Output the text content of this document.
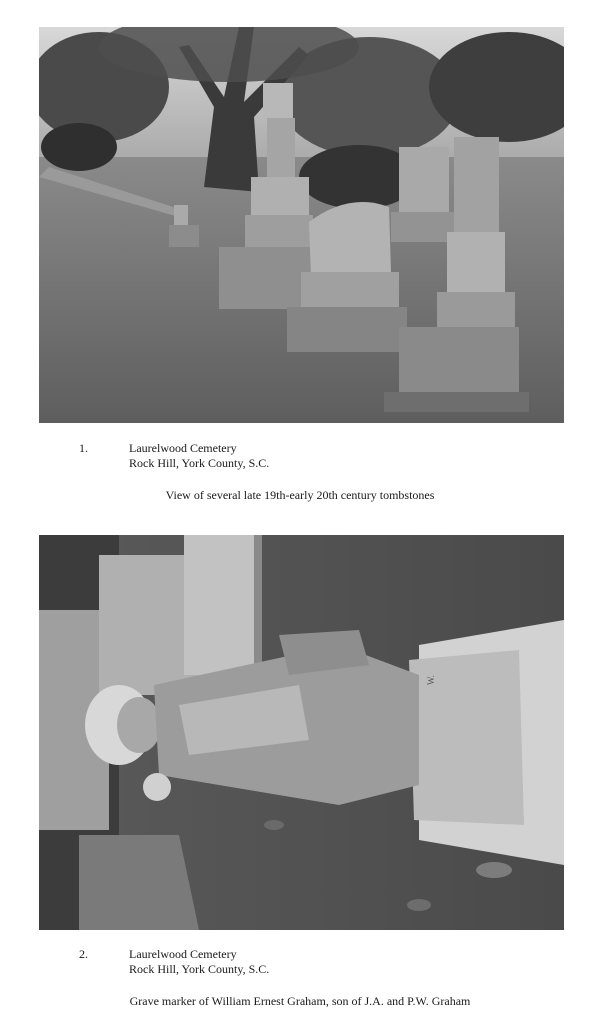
1.	Laurelwood Cemetery
Rock Hill, York County, S.C.
View of several late 19th-early 20th century tombstones
W.
2.	Laurelwood Cemetery
Rock Hill, York County, S.C.
Grave marker of William Ernest Graham, son of J.A. and P.W. Graham
